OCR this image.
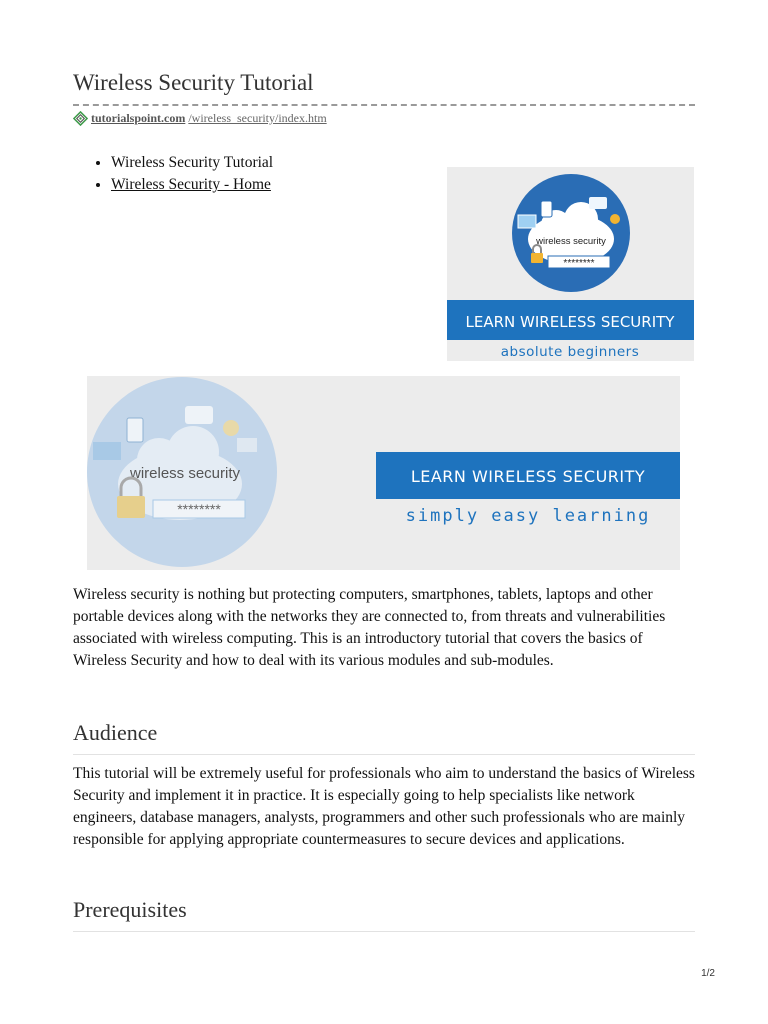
Wireless Security Tutorial
tutorialspoint.com /wireless_security/index.htm
• Wireless Security Tutorial
• Wireless Security - Home
wireless security
********
LEARN WIRELESS SECURITY
absolute beginners
wireless security
********
LEARN WIRELESS SECURITY
simply easy learning

Wireless security is nothing but protecting computers, smartphones, tablets, laptops and other portable devices along with the networks they are connected to, from threats and vulnerabilities associated with wireless computing. This is an introductory tutorial that covers the basics of Wireless Security and how to deal with its various modules and sub-modules.

Audience

This tutorial will be extremely useful for professionals who aim to understand the basics of Wireless Security and implement it in practice. It is especially going to help specialists like network engineers, database managers, analysts, programmers and other such professionals who are mainly responsible for applying appropriate countermeasures to secure devices and applications.

Prerequisites
1/2
